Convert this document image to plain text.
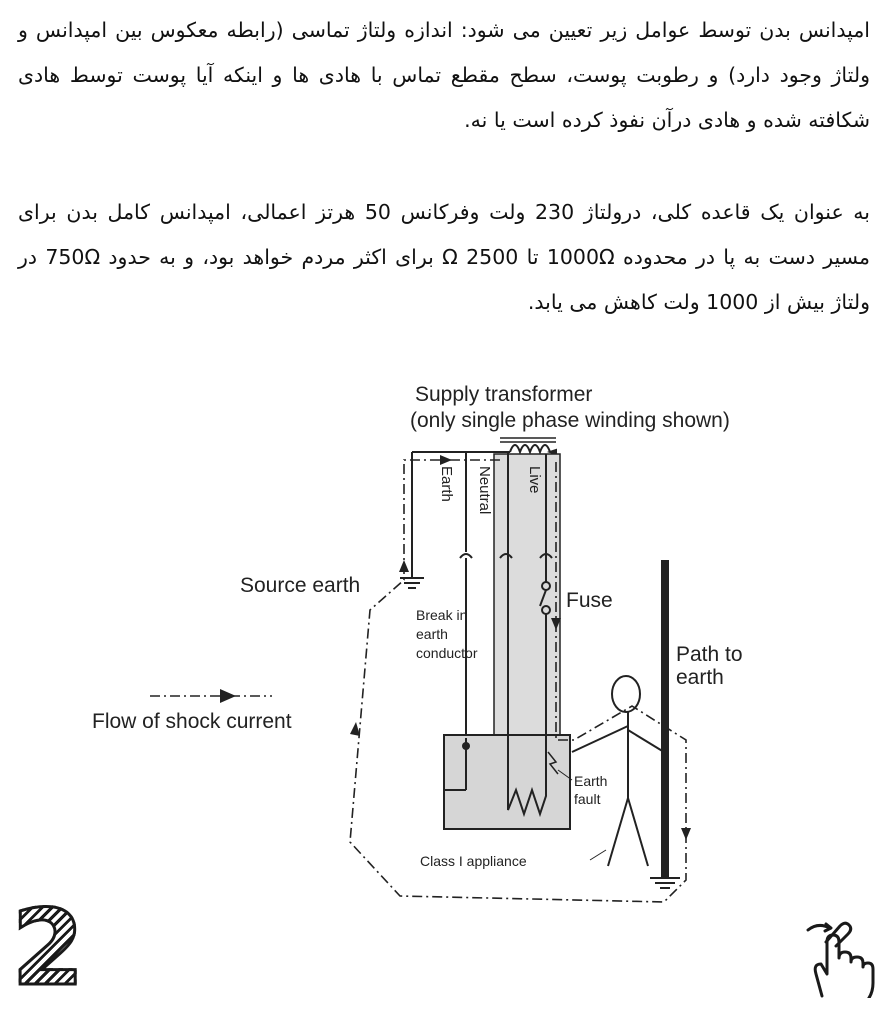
امپدانس بدن توسط عوامل زیر تعیین می شود: اندازه ولتاژ تماسی (رابطه معکوس بین امپدانس و ولتاژ وجود دارد) و رطوبت پوست، سطح مقطع تماس با هادی ها و اینکه آیا پوست توسط هادی شکافته شده و هادی درآن نفوذ کرده است یا نه.

به عنوان یک قاعده کلی، درولتاژ 230 ولت وفرکانس 50 هرتز اعمالی، امپدانس کامل بدن برای مسیر دست به پا در محدوده 1000Ω تا 2500 Ω برای اکثر مردم خواهد بود، و به حدود 750Ω در ولتاژ بیش از 1000 ولت کاهش می یابد.

Supply transformer
(only single phase winding shown)
Earth Neutral Live
Source earth
Fuse
Break in
earth
conductor
Earth
fault
Class I appliance
Path to
earth
Flow of shock current
2
